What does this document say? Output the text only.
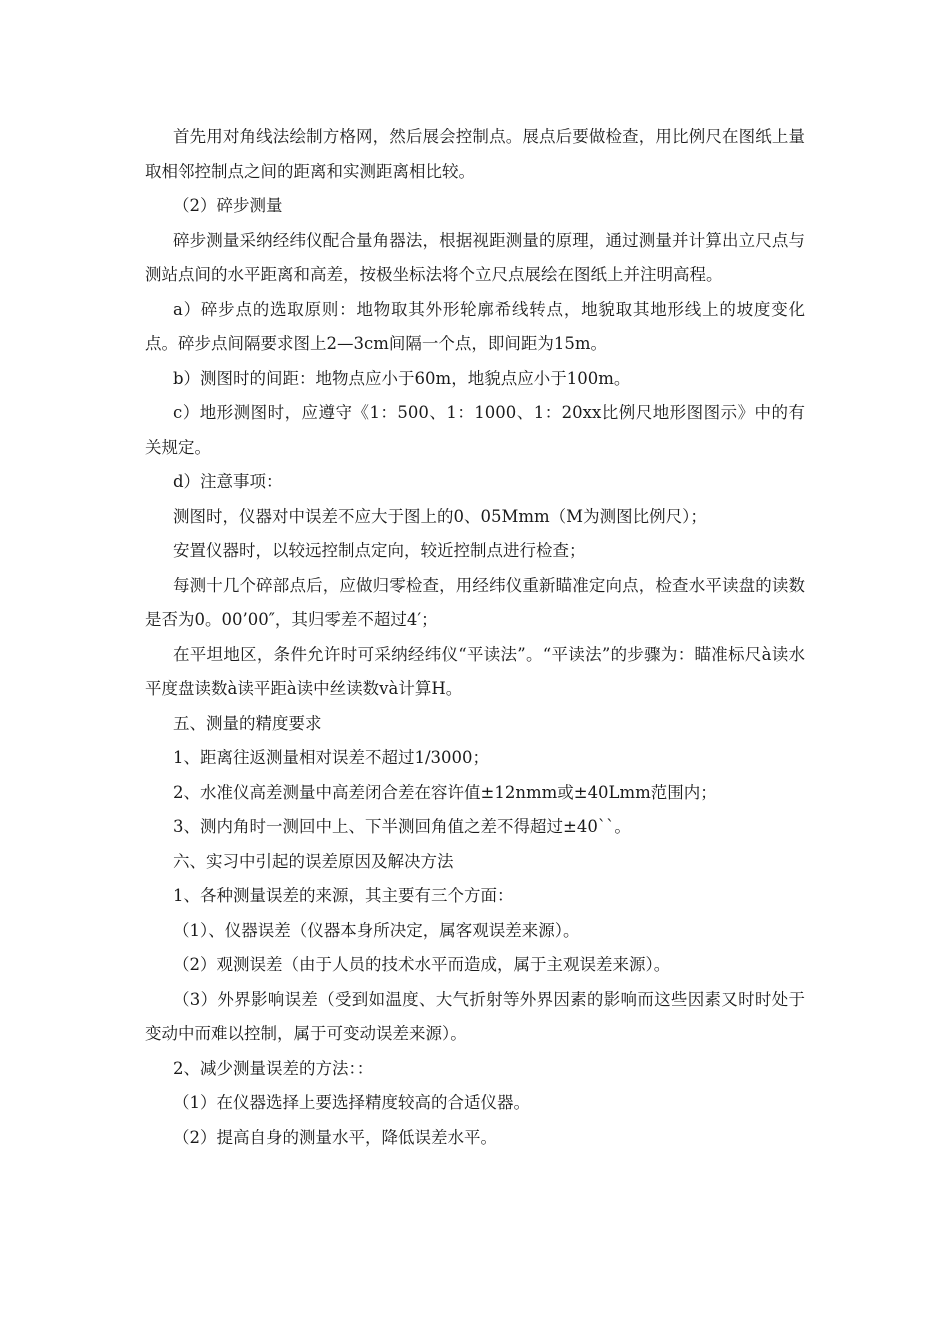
首先用对角线法绘制方格网，然后展会控制点。展点后要做检查，用比例尺在图纸上量取相邻控制点之间的距离和实测距离相比较。

（2）碎步测量

碎步测量采纳经纬仪配合量角器法，根据视距测量的原理，通过测量并计算出立尺点与测站点间的水平距离和高差，按极坐标法将个立尺点展绘在图纸上并注明高程。

a）碎步点的选取原则：地物取其外形轮廓希线转点，地貌取其地形线上的坡度变化点。碎步点间隔要求图上2—3cm间隔一个点，即间距为15m。

b）测图时的间距：地物点应小于60m，地貌点应小于100m。

c）地形测图时，应遵守《1：500、1：1000、1：20xx比例尺地形图图示》中的有关规定。

d）注意事项：

测图时，仪器对中误差不应大于图上的0、05Mmm（M为测图比例尺）；

安置仪器时，以较远控制点定向，较近控制点进行检查；

每测十几个碎部点后，应做归零检查，用经纬仪重新瞄准定向点，检查水平读盘的读数是否为0。00’00″，其归零差不超过4′；

在平坦地区，条件允许时可采纳经纬仪“平读法”。“平读法”的步骤为：瞄准标尺à读水平度盘读数à读平距à读中丝读数và计算H。

五、测量的精度要求

1、距离往返测量相对误差不超过1/3000；

2、水准仪高差测量中高差闭合差在容许值±12nmm或±40Lmm范围内；

3、测内角时一测回中上、下半测回角值之差不得超过±40``。

六、实习中引起的误差原因及解决方法

1、各种测量误差的来源，其主要有三个方面：

（1）、仪器误差（仪器本身所决定，属客观误差来源）。

（2）观测误差（由于人员的技术水平而造成，属于主观误差来源）。

（3）外界影响误差（受到如温度、大气折射等外界因素的影响而这些因素又时时处于变动中而难以控制，属于可变动误差来源）。

2、减少测量误差的方法：：

（1）在仪器选择上要选择精度较高的合适仪器。

（2）提高自身的测量水平，降低误差水平。
